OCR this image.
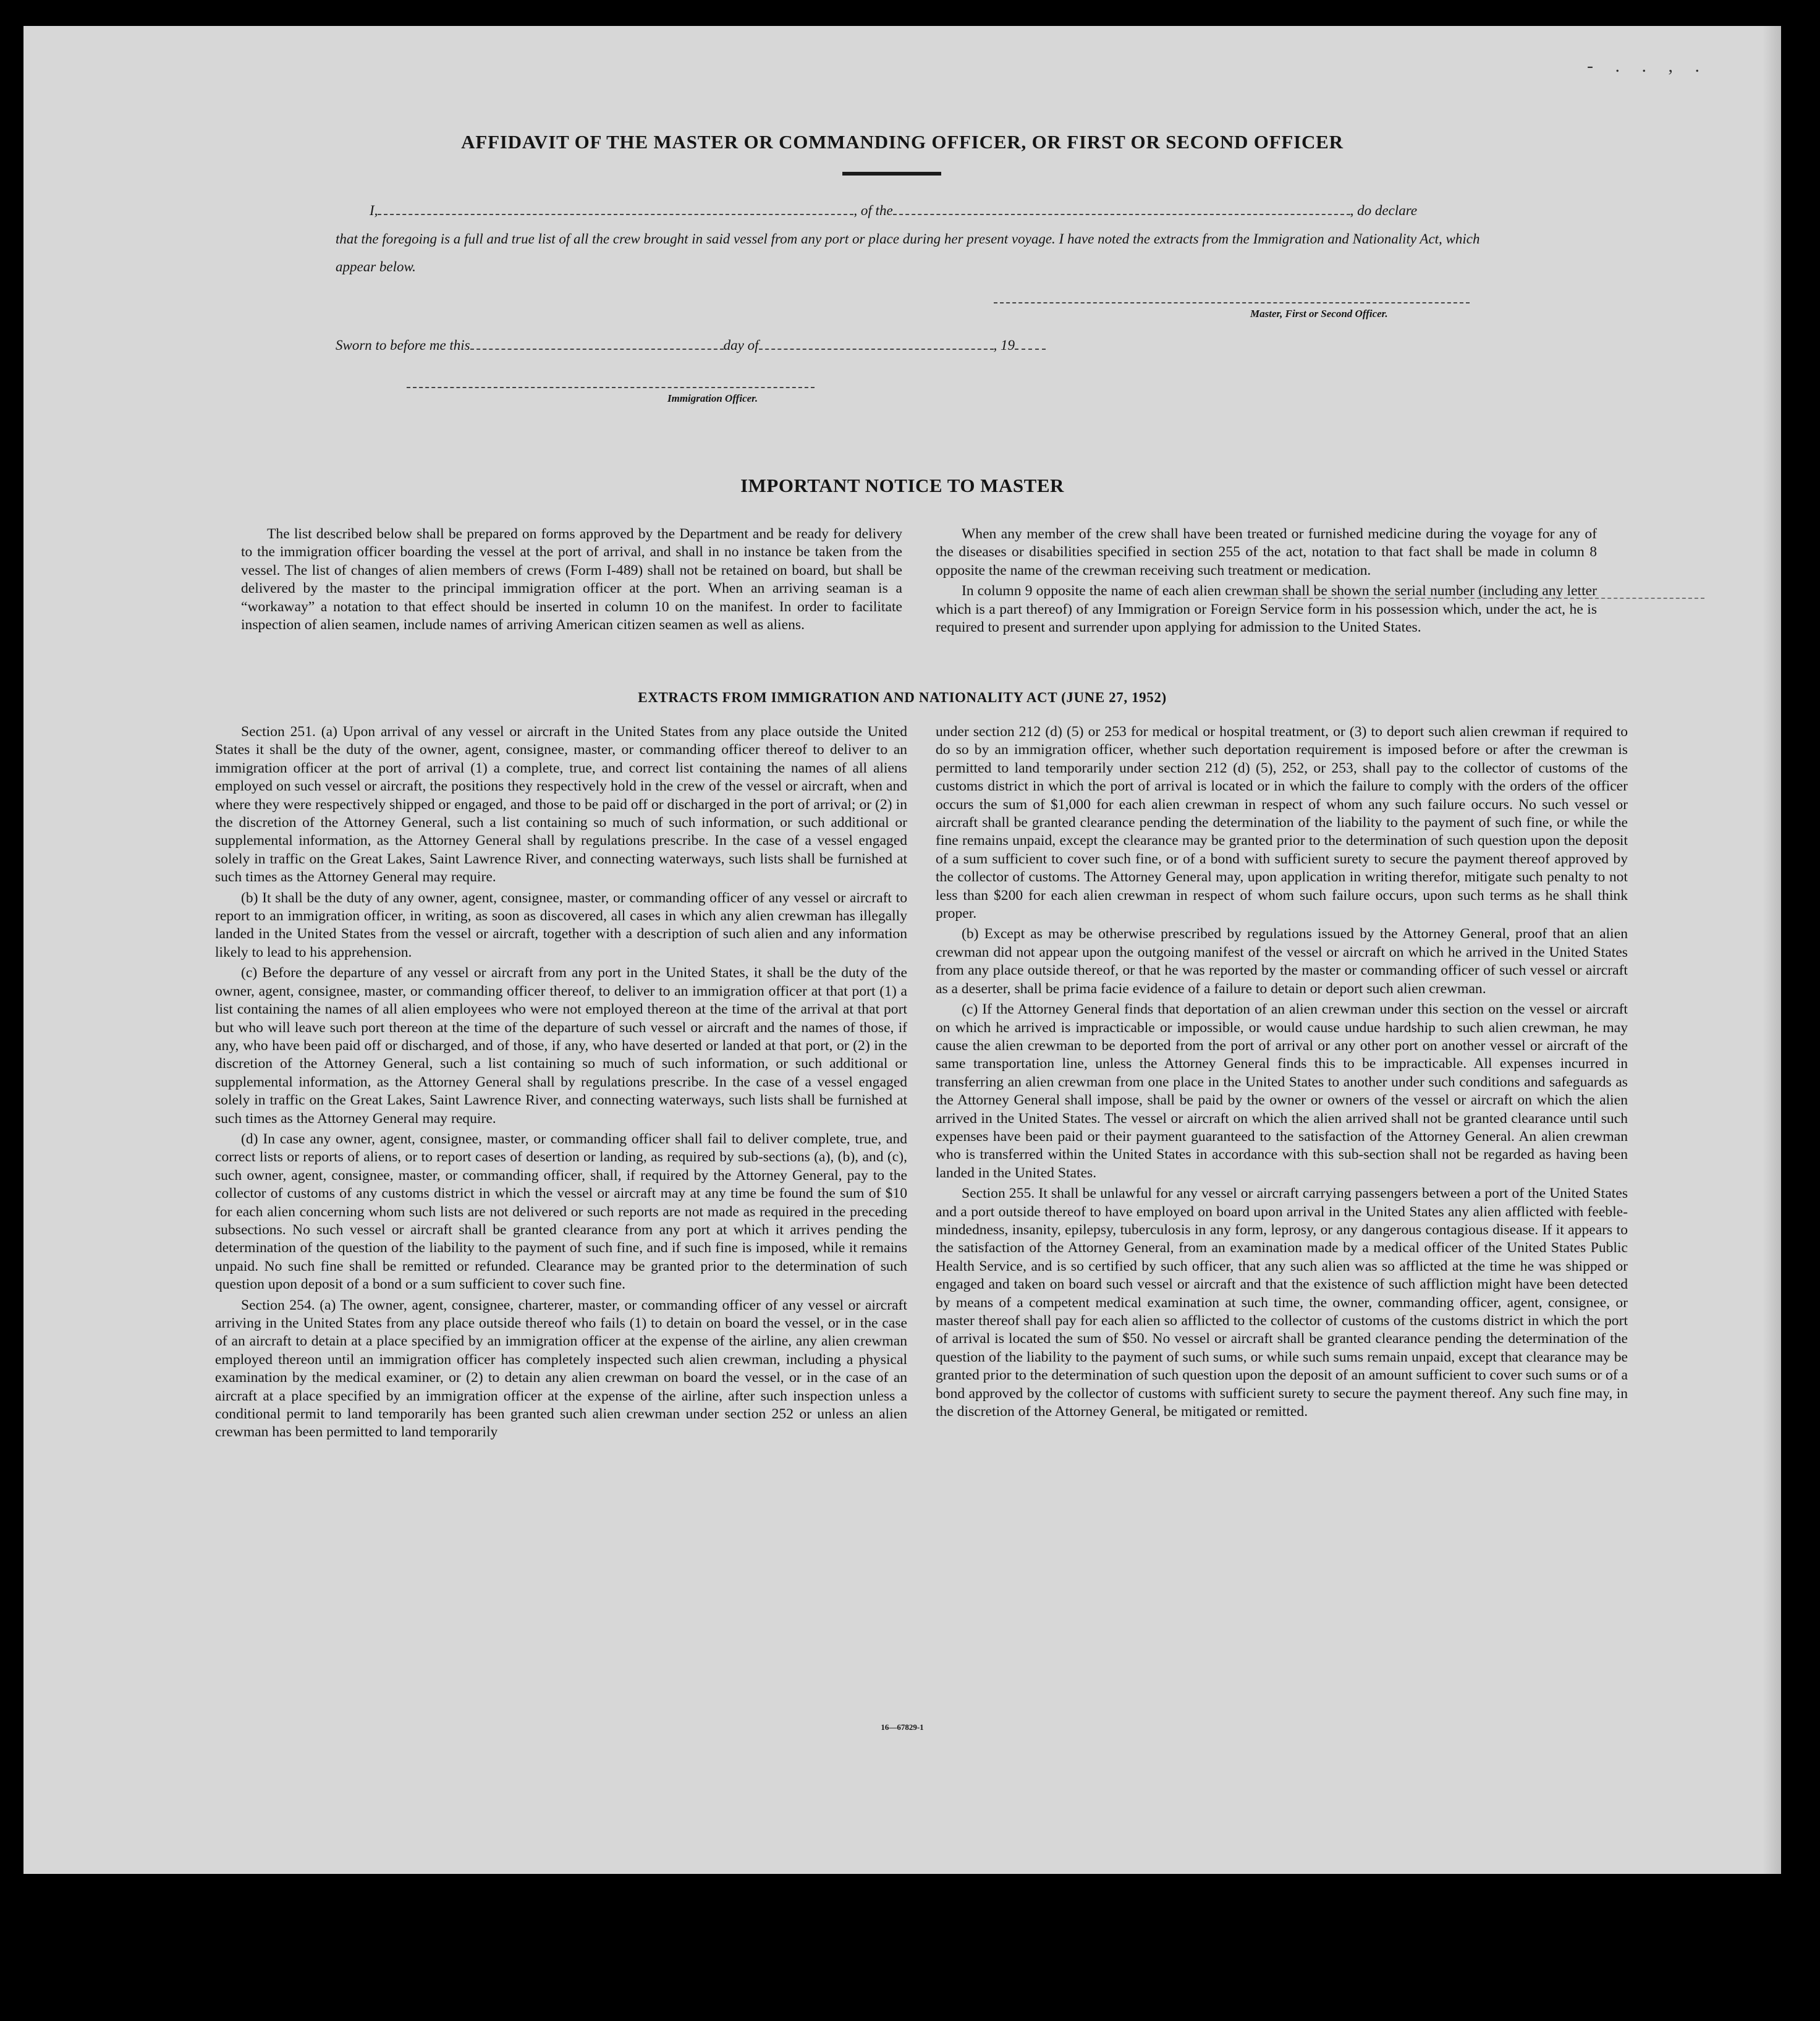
- . . , .
AFFIDAVIT OF THE MASTER OR COMMANDING OFFICER, OR FIRST OR SECOND OFFICER
I,	, of the	, do declare
that the foregoing is a full and true list of all the crew brought in said vessel from any port or place during her present voyage. I have noted the extracts from the Immigration and Nationality Act, which appear below.
Master, First or Second Officer.
Sworn to before me this	day of	, 19
Immigration Officer.
IMPORTANT NOTICE TO MASTER

The list described below shall be prepared on forms approved by the Department and be ready for delivery to the immigration officer boarding the vessel at the port of arrival, and shall in no instance be taken from the vessel. The list of changes of alien members of crews (Form I-489) shall not be retained on board, but shall be delivered by the master to the principal immigration officer at the port. When an arriving seaman is a “workaway” a notation to that effect should be inserted in column 10 on the manifest. In order to facilitate inspection of alien seamen, include names of arriving American citizen seamen as well as aliens.

When any member of the crew shall have been treated or furnished medicine during the voyage for any of the diseases or disabilities specified in section 255 of the act, notation to that fact shall be made in column 8 opposite the name of the crewman receiving such treatment or medication.

In column 9 opposite the name of each alien crewman shall be shown the serial number (including any letter which is a part thereof) of any Immigration or Foreign Service form in his possession which, under the act, he is required to present and surrender upon applying for admission to the United States.

EXTRACTS FROM IMMIGRATION AND NATIONALITY ACT (JUNE 27, 1952)

Section 251. (a) Upon arrival of any vessel or aircraft in the United States from any place outside the United States it shall be the duty of the owner, agent, consignee, master, or commanding officer thereof to deliver to an immigration officer at the port of arrival (1) a complete, true, and correct list containing the names of all aliens employed on such vessel or aircraft, the positions they respectively hold in the crew of the vessel or aircraft, when and where they were respectively shipped or engaged, and those to be paid off or discharged in the port of arrival; or (2) in the discretion of the Attorney General, such a list containing so much of such information, or such additional or supplemental information, as the Attorney General shall by regulations prescribe. In the case of a vessel engaged solely in traffic on the Great Lakes, Saint Lawrence River, and connecting waterways, such lists shall be furnished at such times as the Attorney General may require.

(b) It shall be the duty of any owner, agent, consignee, master, or commanding officer of any vessel or aircraft to report to an immigration officer, in writing, as soon as discovered, all cases in which any alien crewman has illegally landed in the United States from the vessel or aircraft, together with a description of such alien and any information likely to lead to his apprehension.

(c) Before the departure of any vessel or aircraft from any port in the United States, it shall be the duty of the owner, agent, consignee, master, or commanding officer thereof, to deliver to an immigration officer at that port (1) a list containing the names of all alien employees who were not employed thereon at the time of the arrival at that port but who will leave such port thereon at the time of the departure of such vessel or aircraft and the names of those, if any, who have been paid off or discharged, and of those, if any, who have deserted or landed at that port, or (2) in the discretion of the Attorney General, such a list containing so much of such information, or such additional or supplemental information, as the Attorney General shall by regulations prescribe. In the case of a vessel engaged solely in traffic on the Great Lakes, Saint Lawrence River, and connecting waterways, such lists shall be furnished at such times as the Attorney General may require.

(d) In case any owner, agent, consignee, master, or commanding officer shall fail to deliver complete, true, and correct lists or reports of aliens, or to report cases of desertion or landing, as required by sub-sections (a), (b), and (c), such owner, agent, consignee, master, or commanding officer, shall, if required by the Attorney General, pay to the collector of customs of any customs district in which the vessel or aircraft may at any time be found the sum of $10 for each alien concerning whom such lists are not delivered or such reports are not made as required in the preceding subsections. No such vessel or aircraft shall be granted clearance from any port at which it arrives pending the determination of the question of the liability to the payment of such fine, and if such fine is imposed, while it remains unpaid. No such fine shall be remitted or refunded. Clearance may be granted prior to the determination of such question upon deposit of a bond or a sum sufficient to cover such fine.

Section 254. (a) The owner, agent, consignee, charterer, master, or commanding officer of any vessel or aircraft arriving in the United States from any place outside thereof who fails (1) to detain on board the vessel, or in the case of an aircraft to detain at a place specified by an immigration officer at the expense of the airline, any alien crewman employed thereon until an immigration officer has completely inspected such alien crewman, including a physical examination by the medical examiner, or (2) to detain any alien crewman on board the vessel, or in the case of an aircraft at a place specified by an immigration officer at the expense of the airline, after such inspection unless a conditional permit to land temporarily has been granted such alien crewman under section 252 or unless an alien crewman has been permitted to land temporarily

under section 212 (d) (5) or 253 for medical or hospital treatment, or (3) to deport such alien crewman if required to do so by an immigration officer, whether such deportation requirement is imposed before or after the crewman is permitted to land temporarily under section 212 (d) (5), 252, or 253, shall pay to the collector of customs of the customs district in which the port of arrival is located or in which the failure to comply with the orders of the officer occurs the sum of $1,000 for each alien crewman in respect of whom any such failure occurs. No such vessel or aircraft shall be granted clearance pending the determination of the liability to the payment of such fine, or while the fine remains unpaid, except the clearance may be granted prior to the determination of such question upon the deposit of a sum sufficient to cover such fine, or of a bond with sufficient surety to secure the payment thereof approved by the collector of customs. The Attorney General may, upon application in writing therefor, mitigate such penalty to not less than $200 for each alien crewman in respect of whom such failure occurs, upon such terms as he shall think proper.

(b) Except as may be otherwise prescribed by regulations issued by the Attorney General, proof that an alien crewman did not appear upon the outgoing manifest of the vessel or aircraft on which he arrived in the United States from any place outside thereof, or that he was reported by the master or commanding officer of such vessel or aircraft as a deserter, shall be prima facie evidence of a failure to detain or deport such alien crewman.

(c) If the Attorney General finds that deportation of an alien crewman under this section on the vessel or aircraft on which he arrived is impracticable or impossible, or would cause undue hardship to such alien crewman, he may cause the alien crewman to be deported from the port of arrival or any other port on another vessel or aircraft of the same transportation line, unless the Attorney General finds this to be impracticable. All expenses incurred in transferring an alien crewman from one place in the United States to another under such conditions and safeguards as the Attorney General shall impose, shall be paid by the owner or owners of the vessel or aircraft on which the alien arrived in the United States. The vessel or aircraft on which the alien arrived shall not be granted clearance until such expenses have been paid or their payment guaranteed to the satisfaction of the Attorney General. An alien crewman who is transferred within the United States in accordance with this sub-section shall not be regarded as having been landed in the United States.

Section 255. It shall be unlawful for any vessel or aircraft carrying passengers between a port of the United States and a port outside thereof to have employed on board upon arrival in the United States any alien afflicted with feeble-mindedness, insanity, epilepsy, tuberculosis in any form, leprosy, or any dangerous contagious disease. If it appears to the satisfaction of the Attorney General, from an examination made by a medical officer of the United States Public Health Service, and is so certified by such officer, that any such alien was so afflicted at the time he was shipped or engaged and taken on board such vessel or aircraft and that the existence of such affliction might have been detected by means of a competent medical examination at such time, the owner, commanding officer, agent, consignee, or master thereof shall pay for each alien so afflicted to the collector of customs of the customs district in which the port of arrival is located the sum of $50. No vessel or aircraft shall be granted clearance pending the determination of the question of the liability to the payment of such sums, or while such sums remain unpaid, except that clearance may be granted prior to the determination of such question upon the deposit of an amount sufficient to cover such sums or of a bond approved by the collector of customs with sufficient surety to secure the payment thereof. Any such fine may, in the discretion of the Attorney General, be mitigated or remitted.

16—67829-1
